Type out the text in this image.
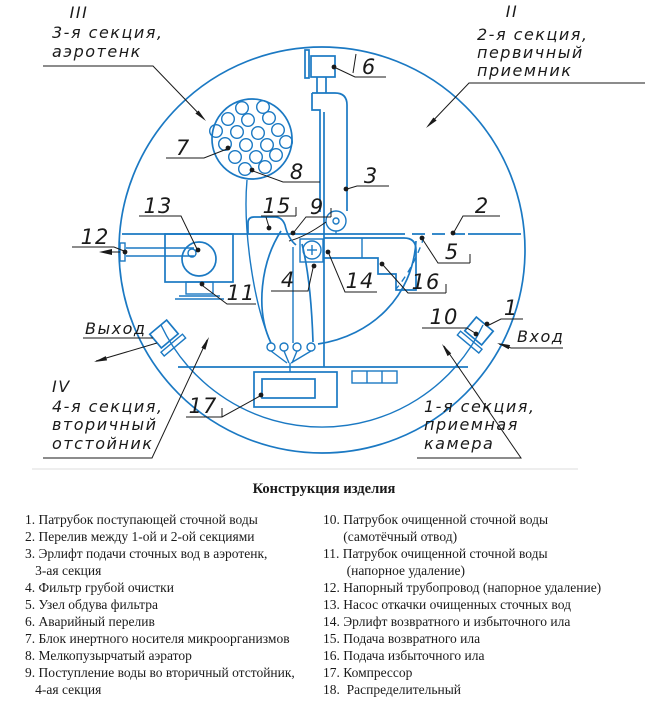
7
8
6
3
13
12
15 9	2
5
16
4 14
11
10 1
17
III
3-я секция,
аэротенк
II
2-я секция,
первичный
приемник
IV
4-я секция,
вторичный
отстойник
1-я секция,
приемная
камера
Выход	Вход
Конструкция изделия
1. Патрубок поступающей сточной воды
2. Перелив между 1-ой и 2-ой секциями
3. Эрлифт подачи сточных вод в аэротенк,
3-ая секция
4. Фильтр грубой очистки
5. Узел обдува фильтра
6. Аварийный перелив
7. Блок инертного носителя микроорганизмов
8. Мелкопузырчатый аэратор
9. Поступление воды во вторичный отстойник,
4-ая секция
10. Патрубок очищенной сточной воды
(самотёчный отвод)
11. Патрубок очищенной сточной воды
(напорное удаление)
12. Напорный трубопровод (напорное удаление)
13. Насос откачки очищенных сточных вод
14. Эрлифт возвратного и избыточного ила
15. Подача возвратного ила
16. Подача избыточного ила
17. Компрессор
18.  Распределительный
